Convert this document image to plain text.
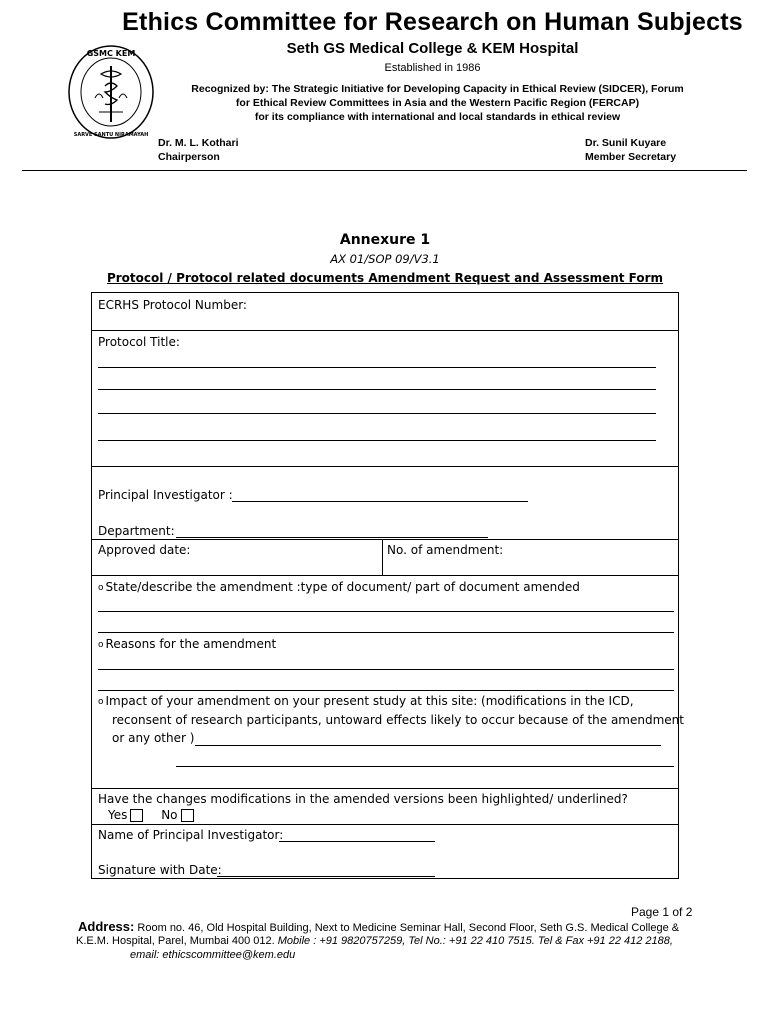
GSMC KEM
SARVE SANTU NIRAMAYAH
Ethics Committee for Research on Human Subjects
Seth GS Medical College & KEM Hospital
Established in 1986
Recognized by: The Strategic Initiative for Developing Capacity in Ethical Review (SIDCER), Forum
for Ethical Review Committees in Asia and the Western Pacific Region (FERCAP)
for its compliance with international and local standards in ethical review
Dr. M. L. Kothari
Chairperson
Dr. Sunil Kuyare
Member Secretary
Annexure 1
AX 01/SOP 09/V3.1
Protocol / Protocol related documents Amendment Request and Assessment Form
ECRHS Protocol Number:
Protocol Title:
Principal Investigator :
Department:
Approved date:	No. of amendment:
o State/describe the amendment :type of document/ part of document amended
o Reasons for the amendment
o Impact of your amendment on your present study at this site: (modifications in the ICD,
reconsent of research participants, untoward effects likely to occur because of the amendment
or any other )
Have the changes modifications in the amended versions been highlighted/ underlined?
Yes	No
Name of Principal Investigator:
Signature with Date:
Page 1 of 2
Address: Room no. 46, Old Hospital Building, Next to Medicine Seminar Hall, Second Floor, Seth G.S. Medical College &
K.E.M. Hospital, Parel, Mumbai 400 012. Mobile : +91 9820757259, Tel No.: +91 22 410 7515. Tel & Fax +91 22 412 2188,
email: ethicscommittee@kem.edu
